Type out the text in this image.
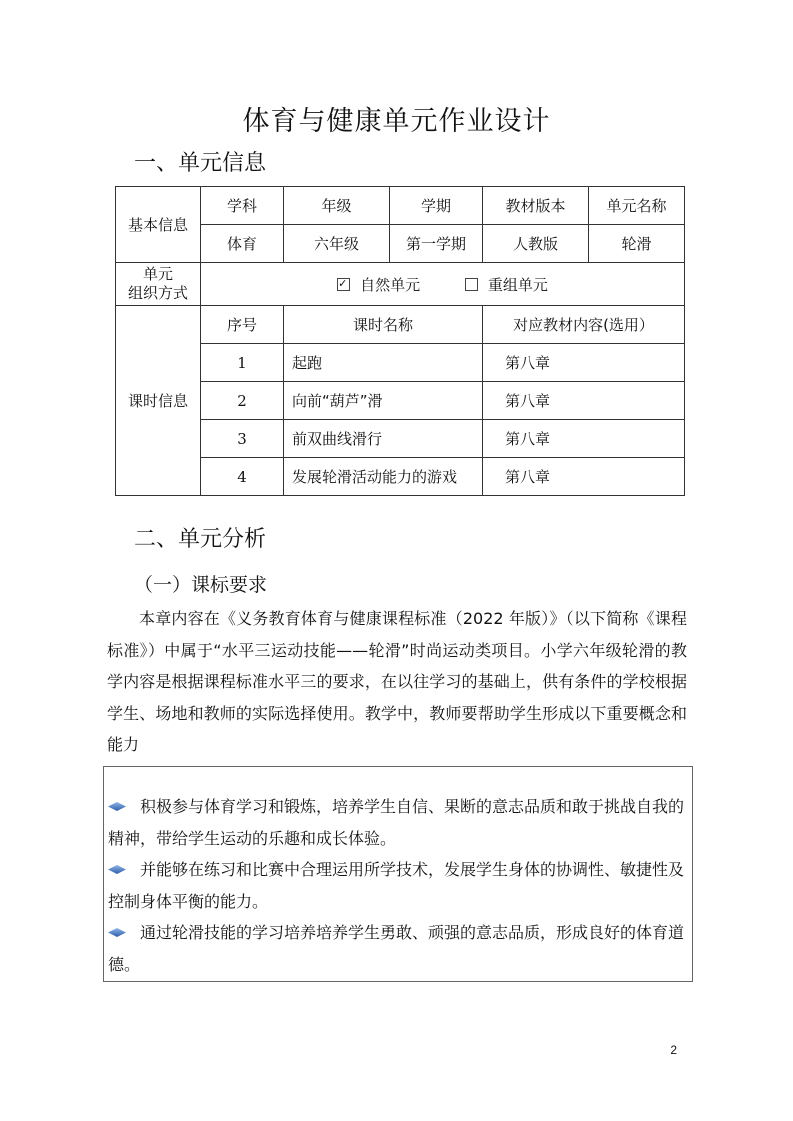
体育与健康单元作业设计
一、单元信息
基本信息	学科	年级	学期	教材版本	单元名称
	体育	六年级	第一学期	人教版	轮滑

单元
组织方式
	✓自然单元 重组单元
课时信息	序号	课时名称		对应教材内容(选用）	
	1	起跑		第八章	
	2	向前“葫芦”滑		第八章	
	3	前双曲线滑行		第八章	
	4	发展轮滑活动能力的游戏		第八章	
二、单元分析
（一）课标要求

本章内容在《义务教育体育与健康课程标准（2022 年版）》（以下简称《课程标准》）中属于“水平三运动技能——轮滑”时尚运动类项目。小学六年级轮滑的教学内容是根据课程标准水平三的要求，在以往学习的基础上，供有条件的学校根据学生、场地和教师的实际选择使用。教学中，教师要帮助学生形成以下重要概念和能力

积极参与体育学习和锻炼，培养学生自信、果断的意志品质和敢于挑战自我的精神，带给学生运动的乐趣和成长体验。

并能够在练习和比赛中合理运用所学技术，发展学生身体的协调性、敏捷性及控制身体平衡的能力。

通过轮滑技能的学习培养培养学生勇敢、顽强的意志品质，形成良好的体育道德。

2
